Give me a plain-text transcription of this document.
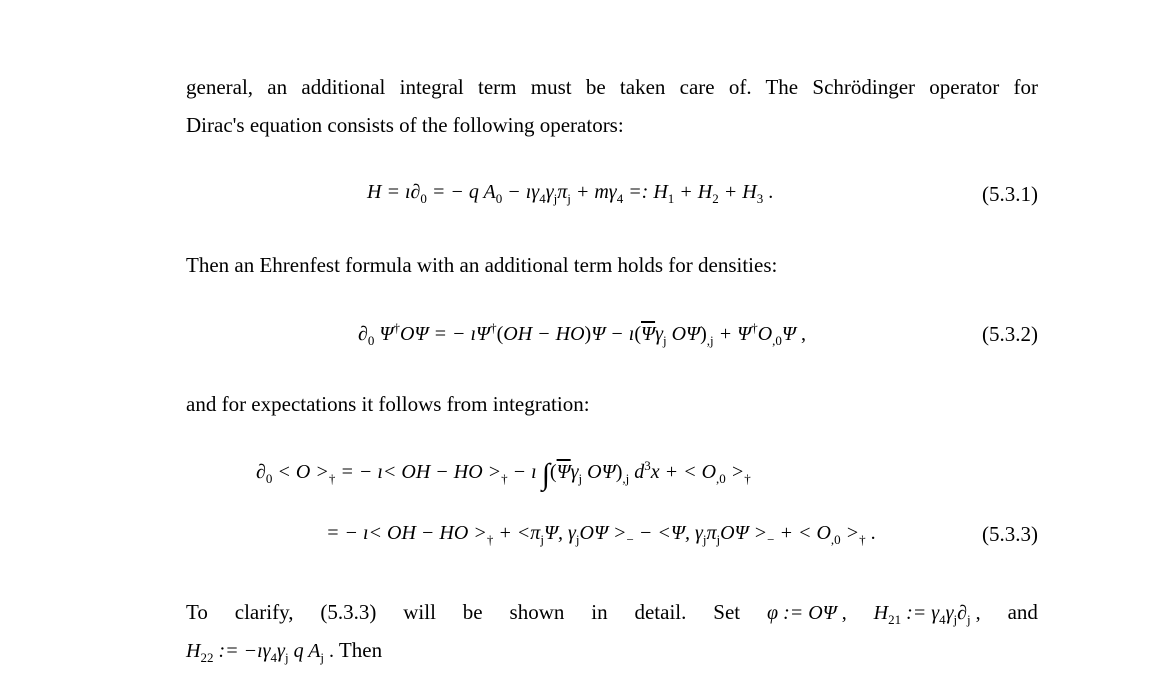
general, an additional integral term must be taken care of. The Schrödinger operator for
Dirac's equation consists of the following operators:
$H = ı\partial_0$ = − q $A_0$ − $ı\gamma_4\gamma_j\pi_j + m\gamma_4$ =: $H_1 + H_2 + H_3$ .	(5.3.1)
Then an Ehrenfest formula with an additional term holds for densities:
$\partial_0$ Ψ†OΨ = − ıΨ†(OH − $HO)\Psi - ı(\overline{\Psi}\gamma_j$ $O\Psi)_{,j} + \Psi^\dagger O_{,0}\Psi$ ,	(5.3.2)
and for expectations it follows from integration:
$\partial_0 < O >_\dagger$ = − ı< OH − HO $>_\dagger$ − ı $\int(\overline{\Psi}\gamma_j$ $O\Psi)_{,j}$ $d^3x$ + < $O_{,0} >_\dagger$
= − ı< OH − HO $>_\dagger + <\pi_j\Psi$, $\gamma_jO\Psi >_- - <\Psi$, $\gamma_j\pi_jO\Psi >_-$ + < $O_{,0} >_\dagger$ .	(5.3.3)
To clarify, (5.3.3) will be shown in detail. Set φ := OΨ , $H_{21}$ := $\gamma_4\gamma_j\partial_j$ , and
$H_{22}$ := $-ı\gamma_4\gamma_j$ q $A_j$ . Then
